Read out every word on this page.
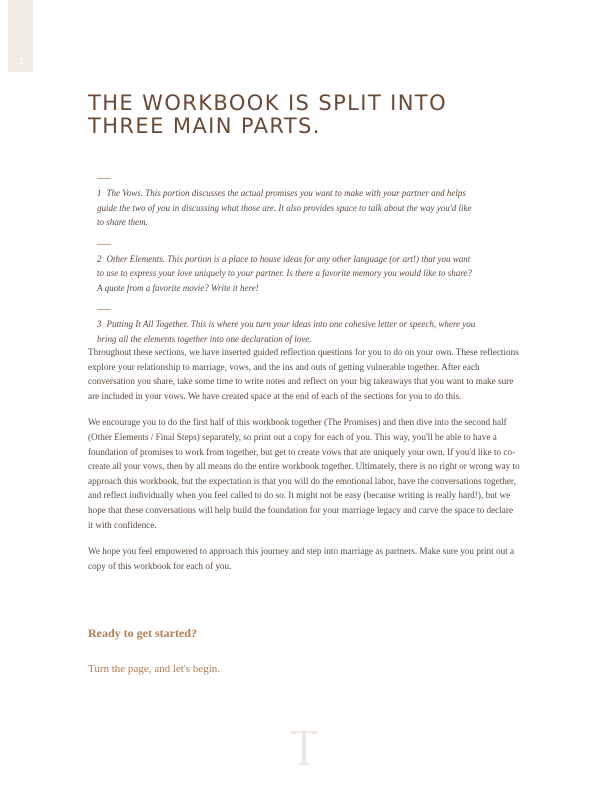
3
THE WORKBOOK IS SPLIT INTO THREE MAIN PARTS.

1 The Vows. This portion discusses the actual promises you want to make with your partner and helps guide the two of you in discussing what those are. It also provides space to talk about the way you'd like to share them.

2 Other Elements. This portion is a place to house ideas for any other language (or art!) that you want to use to express your love uniquely to your partner. Is there a favorite memory you would like to share? A quote from a favorite movie? Write it here!

3 Putting It All Together. This is where you turn your ideas into one cohesive letter or speech, where you bring all the elements together into one declaration of love.

Throughout these sections, we have inserted guided reflection questions for you to do on your own. These reflections explore your relationship to marriage, vows, and the ins and outs of getting vulnerable together. After each conversation you share, take some time to write notes and reflect on your big takeaways that you want to make sure are included in your vows. We have created space at the end of each of the sections for you to do this.

We encourage you to do the first half of this workbook together (The Promises) and then dive into the second half (Other Elements / Final Steps) separately, so print out a copy for each of you. This way, you'll be able to have a foundation of promises to work from together, but get to create vows that are uniquely your own. If you'd like to co-create all your vows, then by all means do the entire workbook together. Ultimately, there is no right or wrong way to approach this workbook, but the expectation is that you will do the emotional labor, have the conversations together, and reflect individually when you feel called to do so. It might not be easy (because writing is really hard!), but we hope that these conversations will help build the foundation for your marriage legacy and carve the space to declare it with confidence.

We hope you feel empowered to approach this journey and step into marriage as partners. Make sure you print out a copy of this workbook for each of you.

Ready to get started?

Turn the page, and let's begin.
